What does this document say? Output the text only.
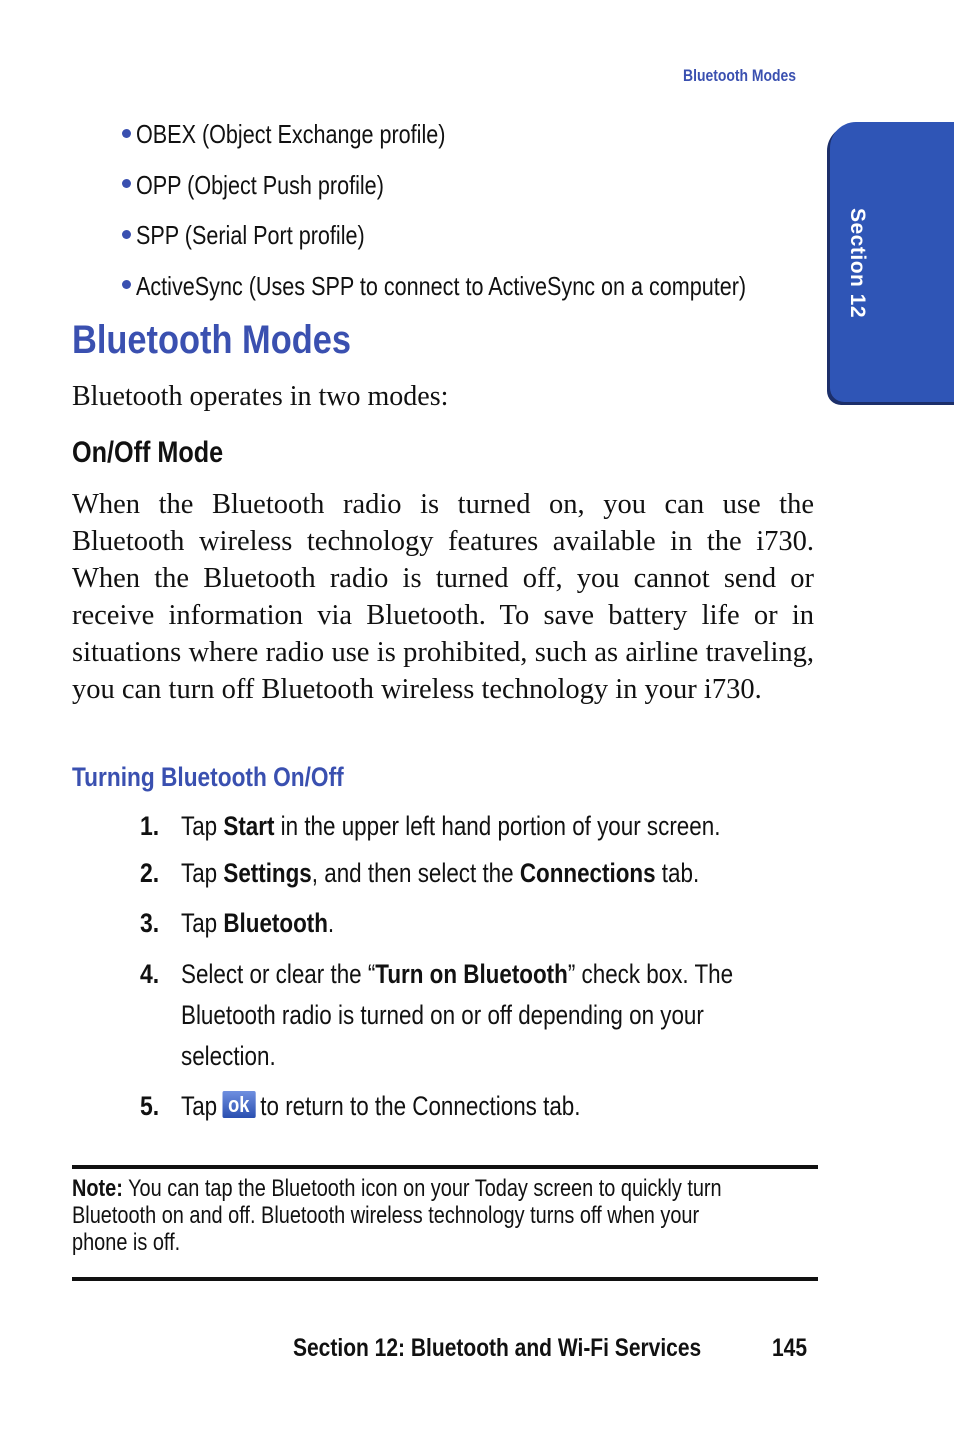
Bluetooth Modes
Section 12
OBEX (Object Exchange profile)
OPP (Object Push profile)
SPP (Serial Port profile)
ActiveSync (Uses SPP to connect to ActiveSync on a computer)
Bluetooth Modes
Bluetooth operates in two modes:
On/Off Mode

When the Bluetooth radio is turned on, you can use the Bluetooth wireless technology features available in the i730. When the Bluetooth radio is turned off, you cannot send or receive information via Bluetooth. To save battery life or in situations where radio use is prohibited, such as airline traveling, you can turn off Bluetooth wireless technology in your i730.

Turning Bluetooth On/Off
1. Tap Start in the upper left hand portion of your screen.
2. Tap Settings, and then select the Connections tab.
3. Tap Bluetooth.
4. Select or clear the “Turn on Bluetooth” check box. The
Bluetooth radio is turned on or off depending on your
selection.
5. Tap ok to return to the Connections tab.
Note: You can tap the Bluetooth icon on your Today screen to quickly turn
Bluetooth on and off. Bluetooth wireless technology turns off when your
phone is off.
Section 12: Bluetooth and Wi-Fi Services	145
